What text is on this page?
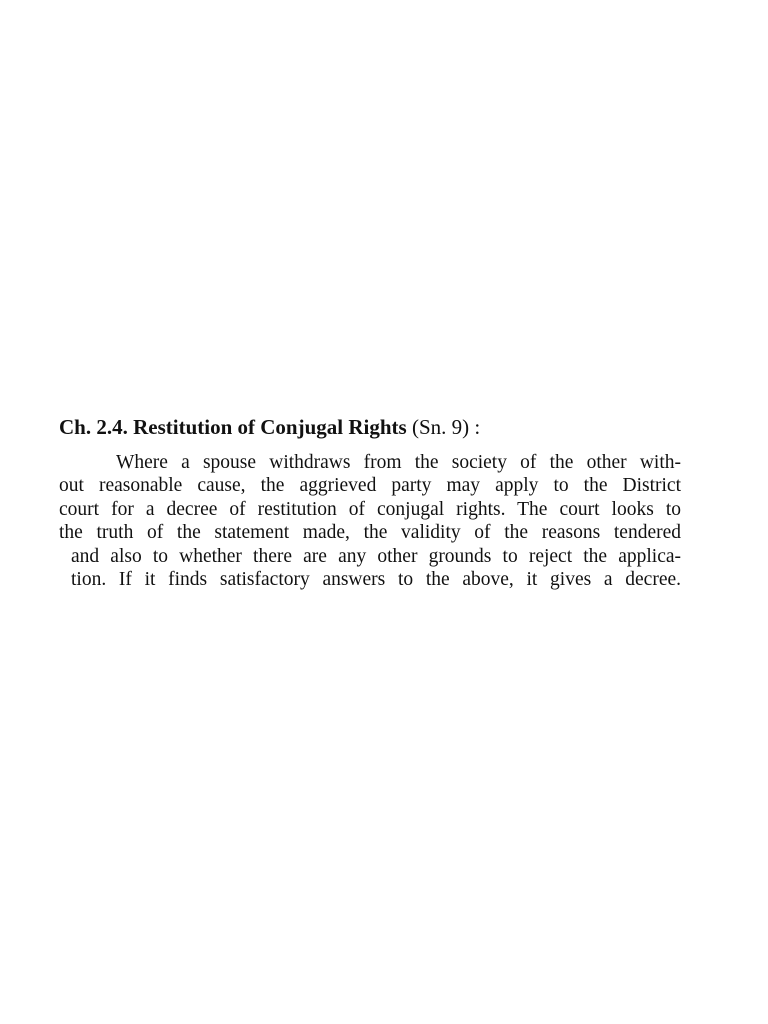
Ch. 2.4. Restitution of Conjugal Rights (Sn. 9) :
Where a spouse withdraws from the society of the other with-
out reasonable cause, the aggrieved party may apply to the District
court for a decree of restitution of conjugal rights. The court looks to
the truth of the statement made, the validity of the reasons tendered
and also to whether there are any other grounds to reject the applica-
tion. If it finds satisfactory answers to the above, it gives a decree.
